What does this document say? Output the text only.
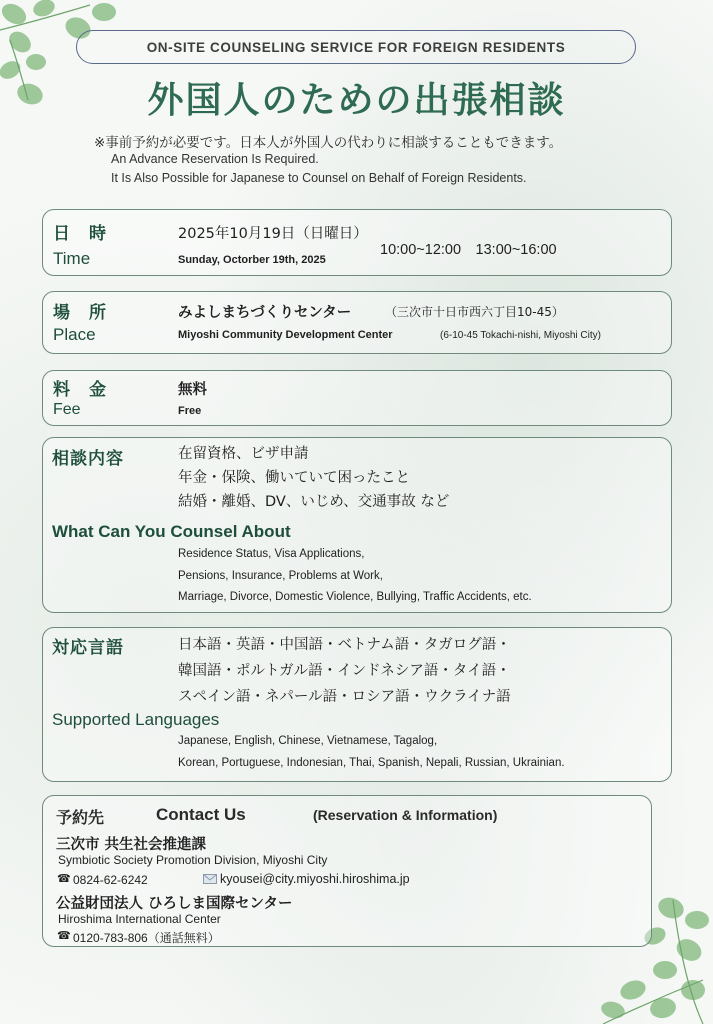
ON-SITE COUNSELING SERVICE FOR FOREIGN RESIDENTS
外国人のための出張相談
※事前予約が必要です。日本人が外国人の代わりに相談することもできます。
An Advance Reservation Is Required.
It Is Also Possible for Japanese to Counsel on Behalf of Foreign Residents.
日　時
Time
2025年10月19日（日曜日）
Sunday, Octorber 19th, 2025
10:00~12:00　13:00~16:00
場　所
Place
みよしまちづくりセンター	（三次市十日市西六丁目10-45）
Miyoshi Community Development Center	(6-10-45 Tokachi-nishi, Miyoshi City)
料　金
Fee
無料
Free
相談内容	在留資格、ビザ申請
年金・保険、働いていて困ったこと
結婚・離婚、DV、いじめ、交通事故 など
What Can You Counsel About
Residence Status, Visa Applications,
Pensions, Insurance, Problems at Work,
Marriage, Divorce, Domestic Violence, Bullying, Traffic Accidents, etc.
対応言語	日本語・英語・中国語・ベトナム語・タガログ語・
韓国語・ポルトガル語・インドネシア語・タイ語・
スペイン語・ネパール語・ロシア語・ウクライナ語
Supported Languages
Japanese, English, Chinese, Vietnamese, Tagalog,
Korean, Portuguese, Indonesian, Thai, Spanish, Nepali, Russian, Ukrainian.
予約先	Contact Us	(Reservation & Information)
三次市 共生社会推進課
Symbiotic Society Promotion Division, Miyoshi City
☎ 0824-62-6242	kyousei@city.miyoshi.hiroshima.jp
公益財団法人 ひろしま国際センター
Hiroshima International Center
☎ 0120-783-806（通話無料）
